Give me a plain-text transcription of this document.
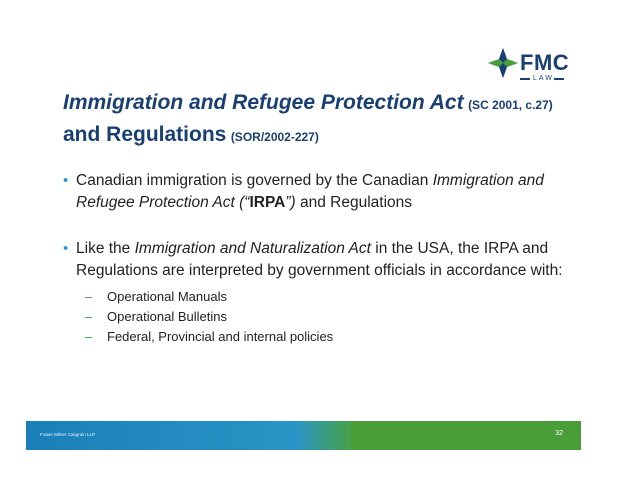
FMC
LAW
Immigration and Refugee Protection Act (SC 2001, c.27)
and Regulations (SOR/2002-227)
• Canadian immigration is governed by the Canadian Immigration and Refugee Protection Act (“IRPA”) and Regulations
• Like the Immigration and Naturalization Act in the USA, the IRPA and Regulations are interpreted by government officials in accordance with:
– Operational Manuals
– Operational Bulletins
– Federal, Provincial and internal policies
Fraser Milner Casgrain LLP	32
